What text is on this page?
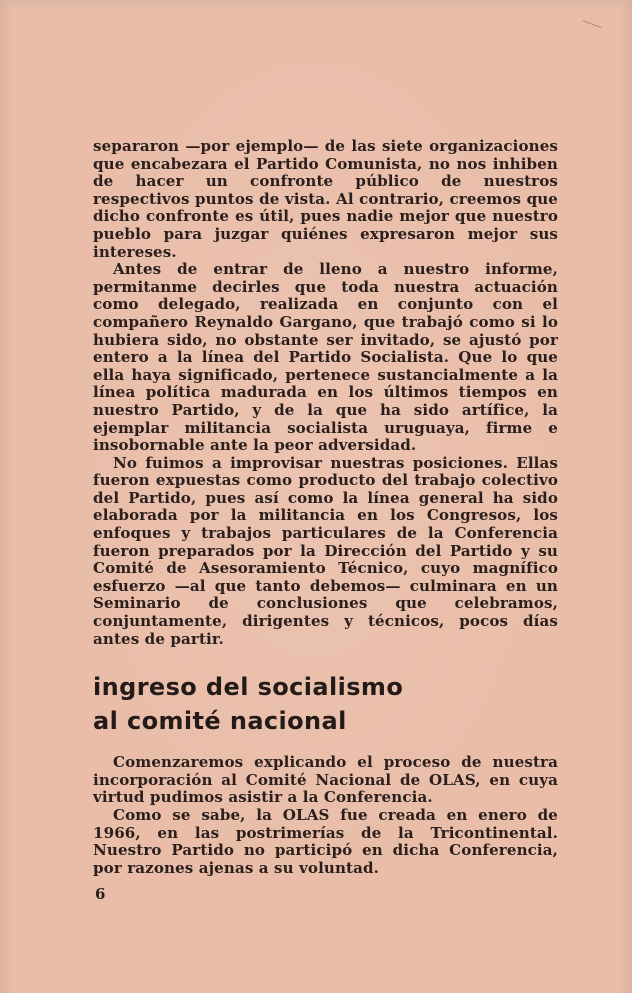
separaron —por ejemplo— de las siete organizaciones que encabezara el Partido Comunista, no nos inhiben de hacer un confronte público de nuestros respectivos puntos de vista. Al contrario, creemos que dicho confronte es útil, pues nadie mejor que nuestro pueblo para juzgar quiénes expresaron mejor sus intereses.

Antes de entrar de lleno a nuestro informe, permitanme decirles que toda nuestra actuación como delegado, realizada en conjunto con el compañero Reynaldo Gargano, que trabajó como si lo hubiera sido, no obstante ser invitado, se ajustó por entero a la línea del Partido Socialista. Que lo que ella haya significado, pertenece sustancialmente a la línea política madurada en los últimos tiempos en nuestro Partido, y de la que ha sido artífice, la ejemplar militancia socialista uruguaya, firme e insobornable ante la peor adversidad.

No fuimos a improvisar nuestras posiciones. Ellas fueron expuestas como producto del trabajo colectivo del Partido, pues así como la línea general ha sido elaborada por la militancia en los Congresos, los enfoques y trabajos particulares de la Conferencia fueron preparados por la Dirección del Partido y su Comité de Asesoramiento Técnico, cuyo magnífico esfuerzo —al que tanto debemos— culminara en un Seminario de conclusiones que celebramos, conjuntamente, dirigentes y técnicos, pocos días antes de partir.

ingreso del socialismo
al comité nacional

Comenzaremos explicando el proceso de nuestra incorporación al Comité Nacional de OLAS, en cuya virtud pudimos asistir a la Conferencia.

Como se sabe, la OLAS fue creada en enero de 1966, en las postrimerías de la Tricontinental. Nuestro Partido no participó en dicha Conferencia, por razones ajenas a su voluntad.

6
